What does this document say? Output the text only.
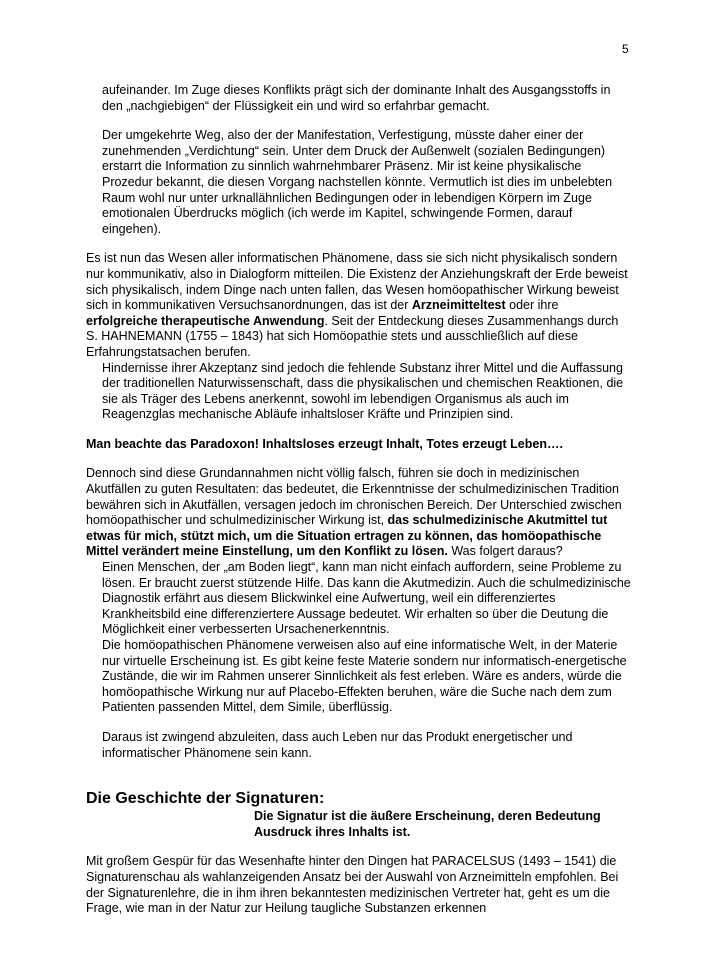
5

aufeinander. Im Zuge dieses Konflikts prägt sich der dominante Inhalt des Ausgangsstoffs in den „nachgiebigen“ der Flüssigkeit ein und wird so erfahrbar gemacht.

Der umgekehrte Weg, also der der Manifestation, Verfestigung, müsste daher einer der zunehmenden „Verdichtung“ sein. Unter dem Druck der Außenwelt (sozialen Bedingungen) erstarrt die Information zu sinnlich wahrnehmbarer Präsenz. Mir ist keine physikalische Prozedur bekannt, die diesen Vorgang nachstellen könnte. Vermutlich ist dies im unbelebten Raum wohl nur unter urknallähnlichen Bedingungen oder in lebendigen Körpern im Zuge emotionalen Überdrucks möglich (ich werde im Kapitel, schwingende Formen, darauf eingehen).

Es ist nun das Wesen aller informatischen Phänomene, dass sie sich nicht physikalisch sondern nur kommunikativ, also in Dialogform mitteilen. Die Existenz der Anziehungskraft der Erde beweist sich physikalisch, indem Dinge nach unten fallen, das Wesen homöopathischer Wirkung beweist sich in kommunikativen Versuchsanordnungen, das ist der Arzneimitteltest oder ihre erfolgreiche therapeutische Anwendung. Seit der Entdeckung dieses Zusammenhangs durch S. HAHNEMANN (1755 – 1843) hat sich Homöopathie stets und ausschließlich auf diese Erfahrungstatsachen berufen.

Hindernisse ihrer Akzeptanz sind jedoch die fehlende Substanz ihrer Mittel und die Auffassung der traditionellen Naturwissenschaft, dass die physikalischen und chemischen Reaktionen, die sie als Träger des Lebens anerkennt, sowohl im lebendigen Organismus als auch im Reagenzglas mechanische Abläufe inhaltsloser Kräfte und Prinzipien sind.

Man beachte das Paradoxon! Inhaltsloses erzeugt Inhalt, Totes erzeugt Leben….

Dennoch sind diese Grundannahmen nicht völlig falsch, führen sie doch in medizinischen Akutfällen zu guten Resultaten: das bedeutet, die Erkenntnisse der schulmedizinischen Tradition bewähren sich in Akutfällen, versagen jedoch im chronischen Bereich. Der Unterschied zwischen homöopathischer und schulmedizinischer Wirkung ist, das schulmedizinische Akutmittel tut etwas für mich, stützt mich, um die Situation ertragen zu können, das homöopathische Mittel verändert meine Einstellung, um den Konflikt zu lösen. Was folgert daraus?

Einen Menschen, der „am Boden liegt“, kann man nicht einfach auffordern, seine Probleme zu lösen. Er braucht zuerst stützende Hilfe. Das kann die Akutmedizin. Auch die schulmedizinische Diagnostik erfährt aus diesem Blickwinkel eine Aufwertung, weil ein differenziertes Krankheitsbild eine differenziertere Aussage bedeutet. Wir erhalten so über die Deutung die Möglichkeit einer verbesserten Ursachenerkenntnis.

Die homöopathischen Phänomene verweisen also auf eine informatische Welt, in der Materie nur virtuelle Erscheinung ist. Es gibt keine feste Materie sondern nur informatisch-energetische Zustände, die wir im Rahmen unserer Sinnlichkeit als fest erleben. Wäre es anders, würde die homöopathische Wirkung nur auf Placebo-Effekten beruhen, wäre die Suche nach dem zum Patienten passenden Mittel, dem Simile, überflüssig.

Daraus ist zwingend abzuleiten, dass auch Leben nur das Produkt energetischer und informatischer Phänomene sein kann.

Die Geschichte der Signaturen:

Die Signatur ist die äußere Erscheinung, deren Bedeutung Ausdruck ihres Inhalts ist.

Mit großem Gespür für das Wesenhafte hinter den Dingen hat PARACELSUS (1493 – 1541) die Signaturenschau als wahlanzeigenden Ansatz bei der Auswahl von Arzneimitteln empfohlen. Bei der Signaturenlehre, die in ihm ihren bekanntesten medizinischen Vertreter hat, geht es um die Frage, wie man in der Natur zur Heilung taugliche Substanzen erkennen
